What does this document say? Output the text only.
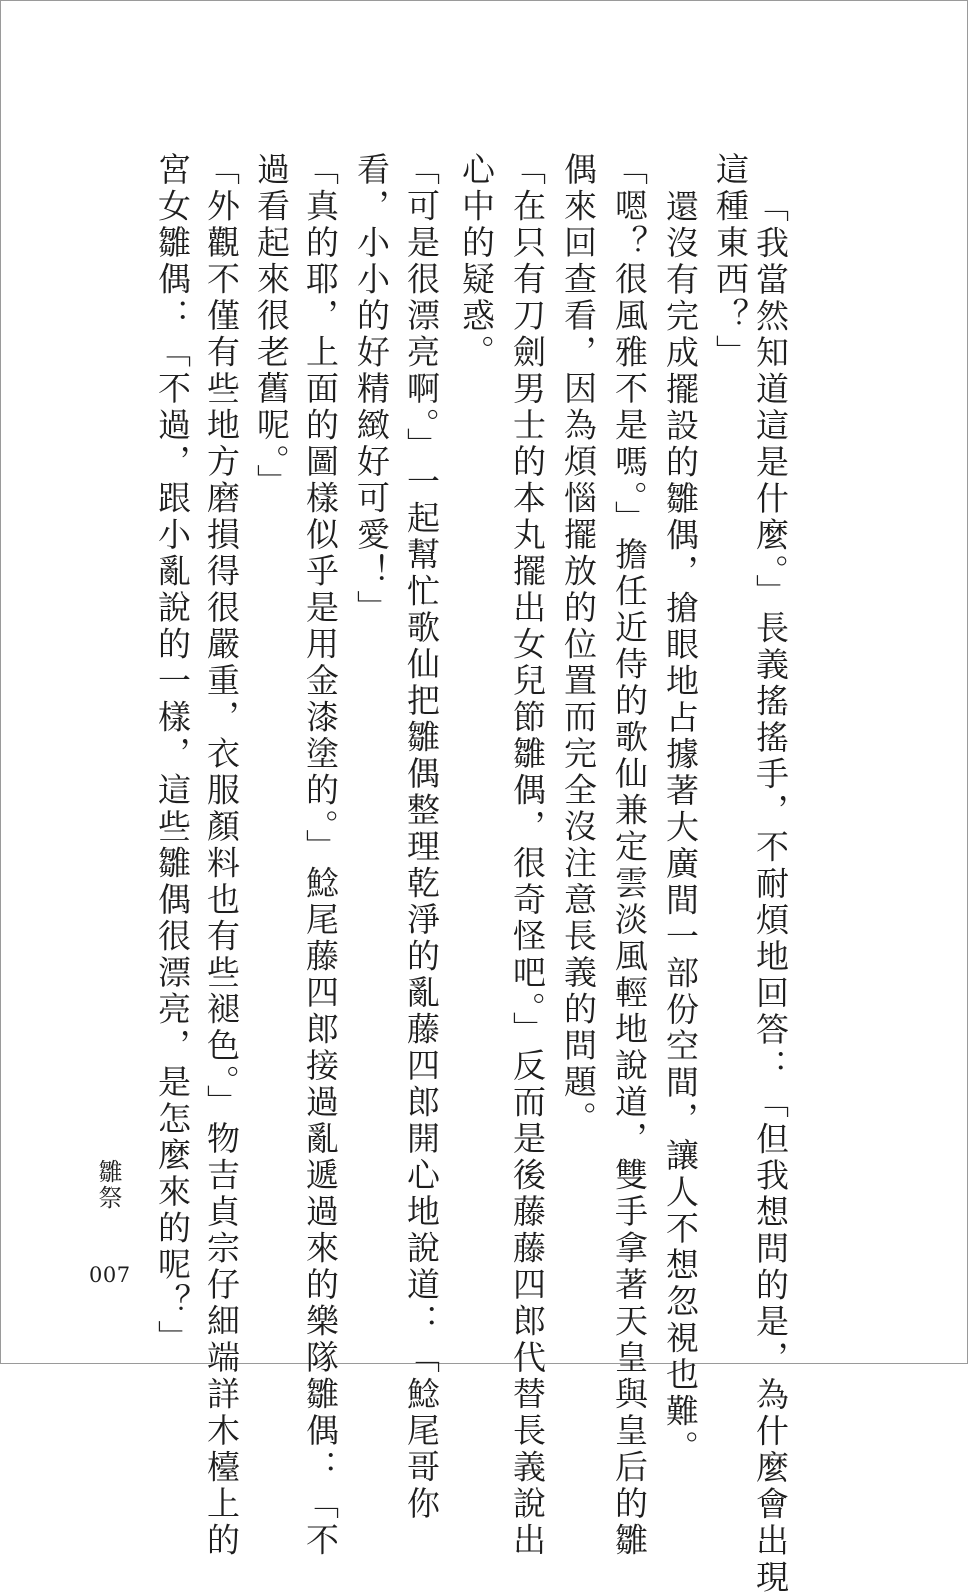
「我當然知道這是什麼。」長義搖搖手，不耐煩地回答：「但我想問的是，為什麼會出現
這種東西？」
還沒有完成擺設的雛偶，搶眼地占據著大廣間一部份空間，讓人不想忽視也難。
「嗯？很風雅不是嗎。」擔任近侍的歌仙兼定雲淡風輕地說道，雙手拿著天皇與皇后的雛
偶來回查看，因為煩惱擺放的位置而完全沒注意長義的問題。
「在只有刀劍男士的本丸擺出女兒節雛偶，很奇怪吧。」反而是後藤藤四郎代替長義說出
心中的疑惑。
「可是很漂亮啊。」一起幫忙歌仙把雛偶整理乾淨的亂藤四郎開心地說道：「鯰尾哥你
看，小小的好精緻好可愛！」
「真的耶，上面的圖樣似乎是用金漆塗的。」鯰尾藤四郎接過亂遞過來的樂隊雛偶：「不
過看起來很老舊呢。」
「外觀不僅有些地方磨損得很嚴重，衣服顏料也有些褪色。」物吉貞宗仔細端詳木檯上的
宮女雛偶：「不過，跟小亂說的一樣，這些雛偶很漂亮，是怎麼來的呢？」
雛祭
007
